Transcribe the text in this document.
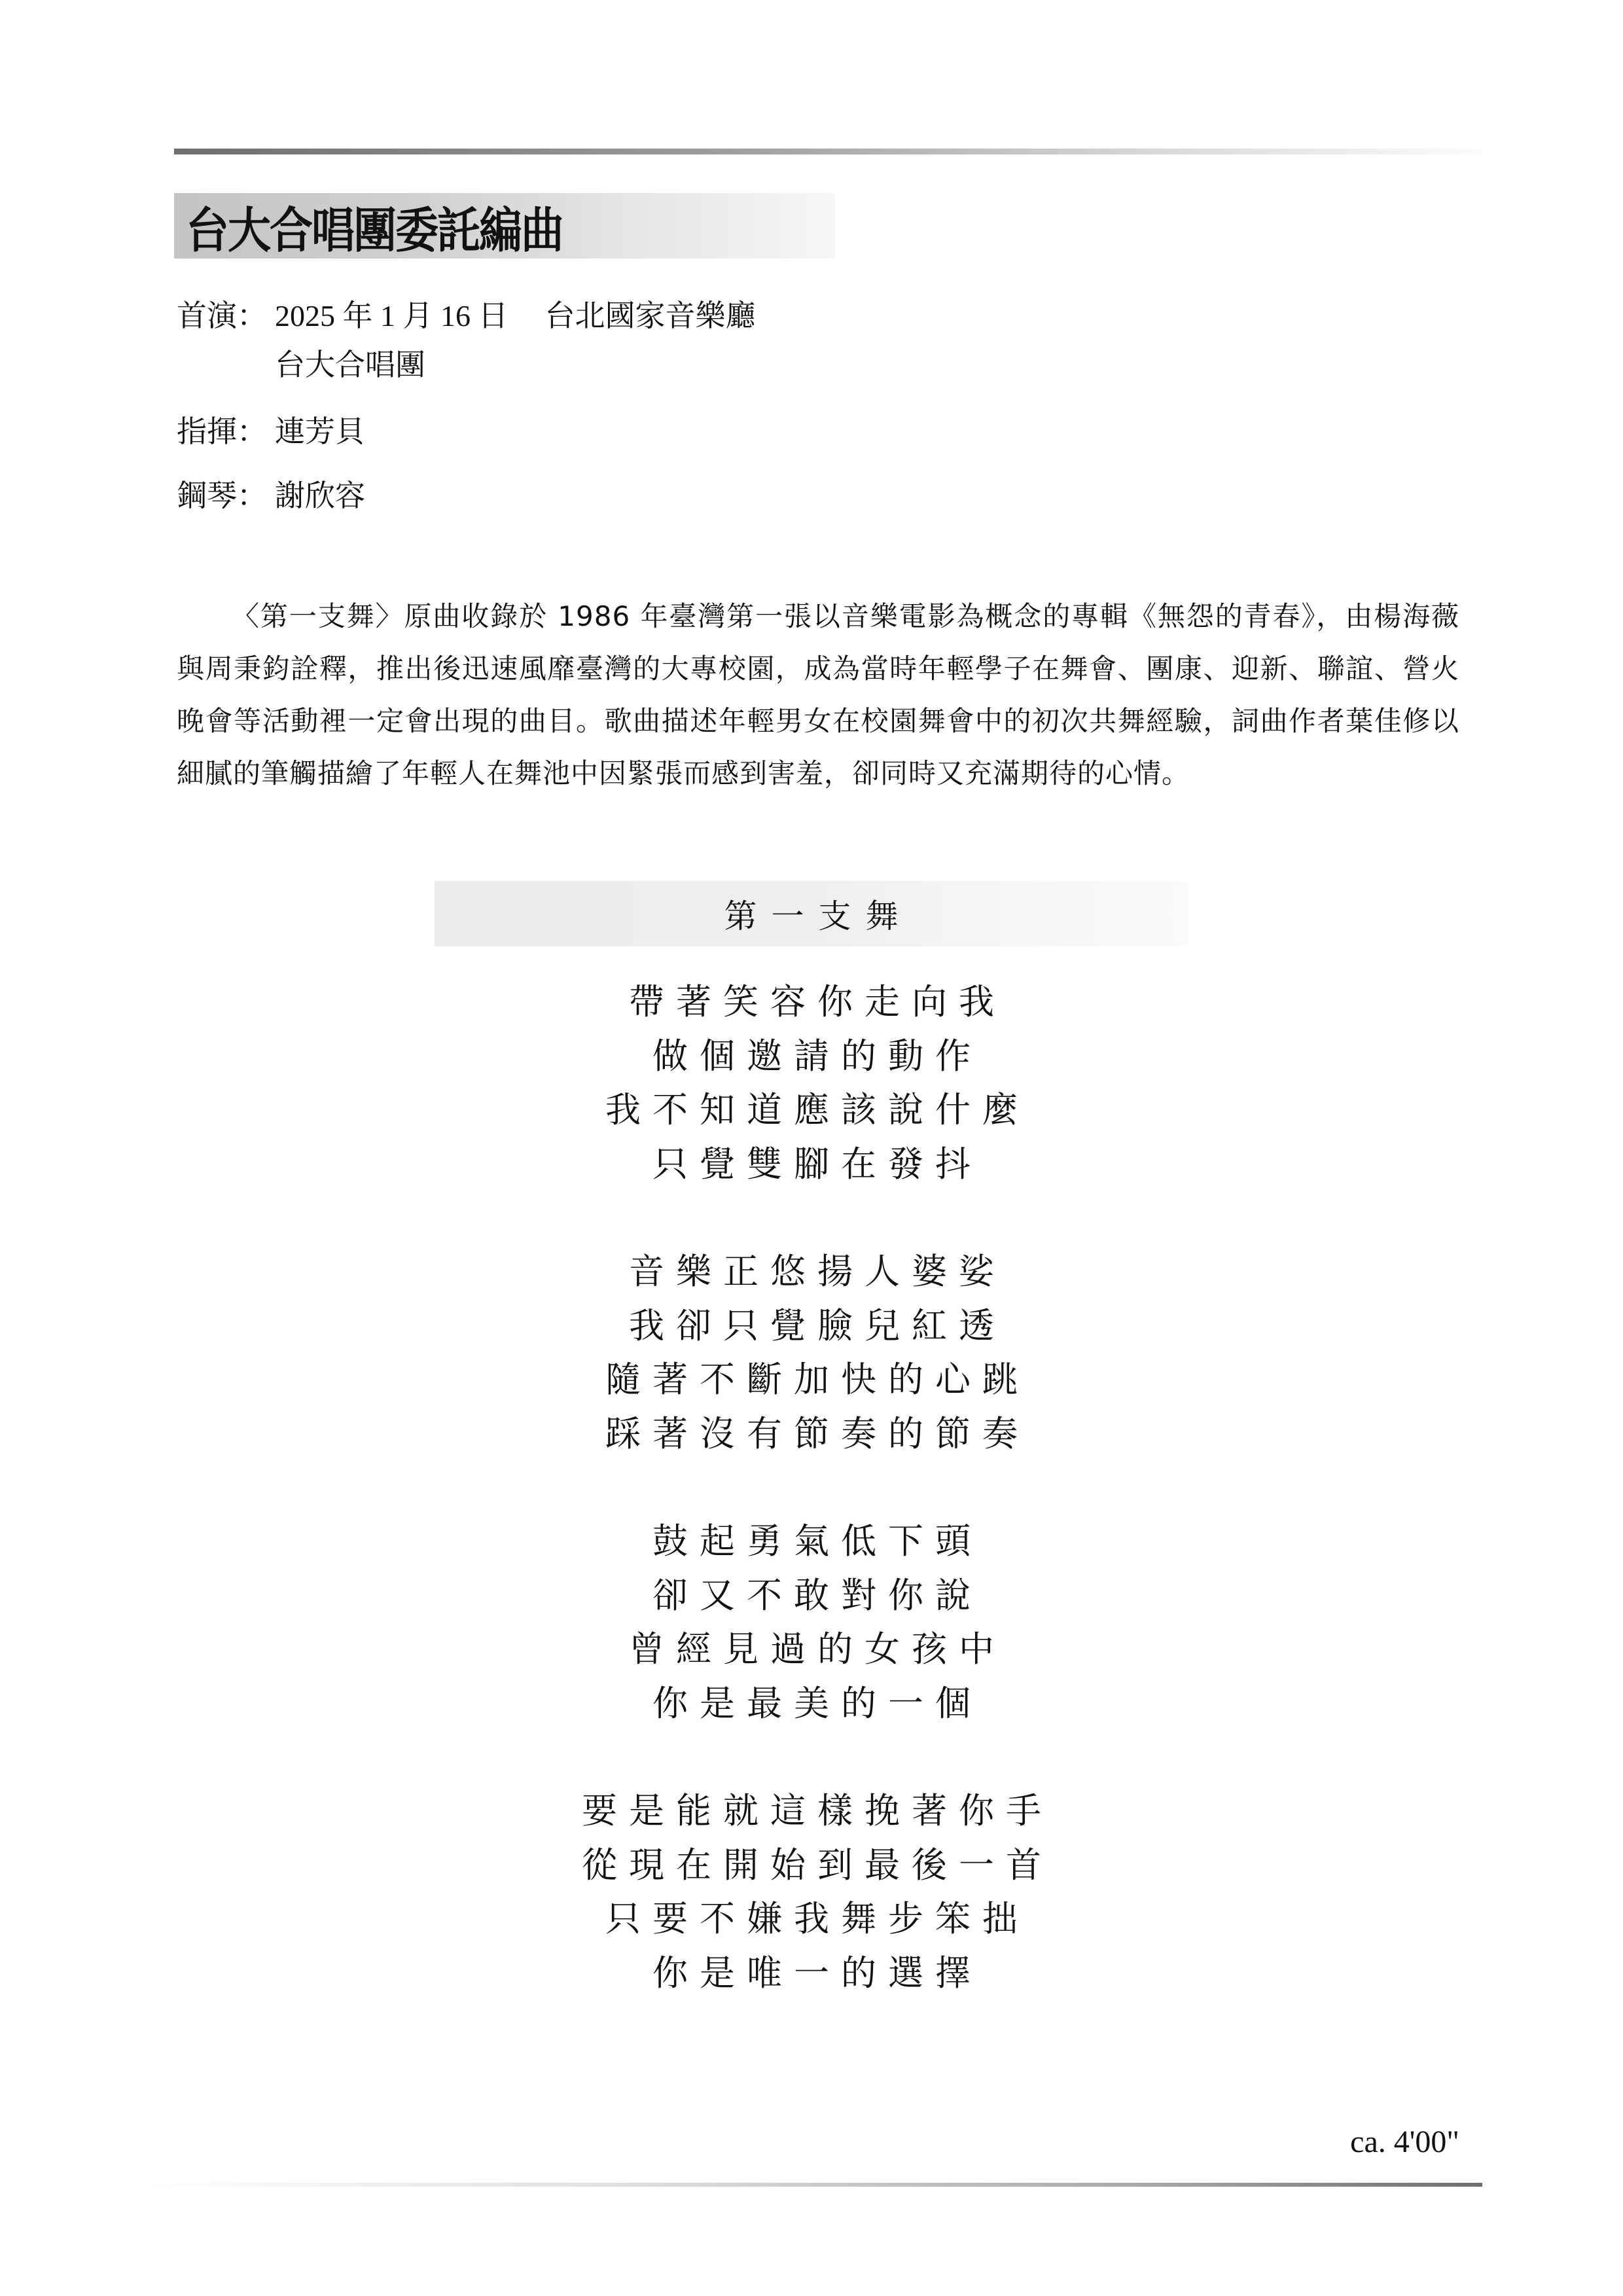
台大合唱團委託編曲
首演： 2025 年 1 月 16 日 台北國家音樂廳
台大合唱團
指揮： 連芳貝
鋼琴： 謝欣容

〈第一支舞〉原曲收錄於 1986 年臺灣第一張以音樂電影為概念的專輯《無怨的青春》，由楊海薇與周秉鈞詮釋，推出後迅速風靡臺灣的大專校園，成為當時年輕學子在舞會、團康、迎新、聯誼、營火晚會等活動裡一定會出現的曲目。歌曲描述年輕男女在校園舞會中的初次共舞經驗，詞曲作者葉佳修以細膩的筆觸描繪了年輕人在舞池中因緊張而感到害羞，卻同時又充滿期待的心情。

第一支舞
帶著笑容你走向我
做個邀請的動作
我不知道應該說什麼
只覺雙腳在發抖
音樂正悠揚人婆娑
我卻只覺臉兒紅透
隨著不斷加快的心跳
踩著沒有節奏的節奏
鼓起勇氣低下頭
卻又不敢對你說
曾經見過的女孩中
你是最美的一個
要是能就這樣挽著你手
從現在開始到最後一首
只要不嫌我舞步笨拙
你是唯一的選擇
ca. 4'00"
